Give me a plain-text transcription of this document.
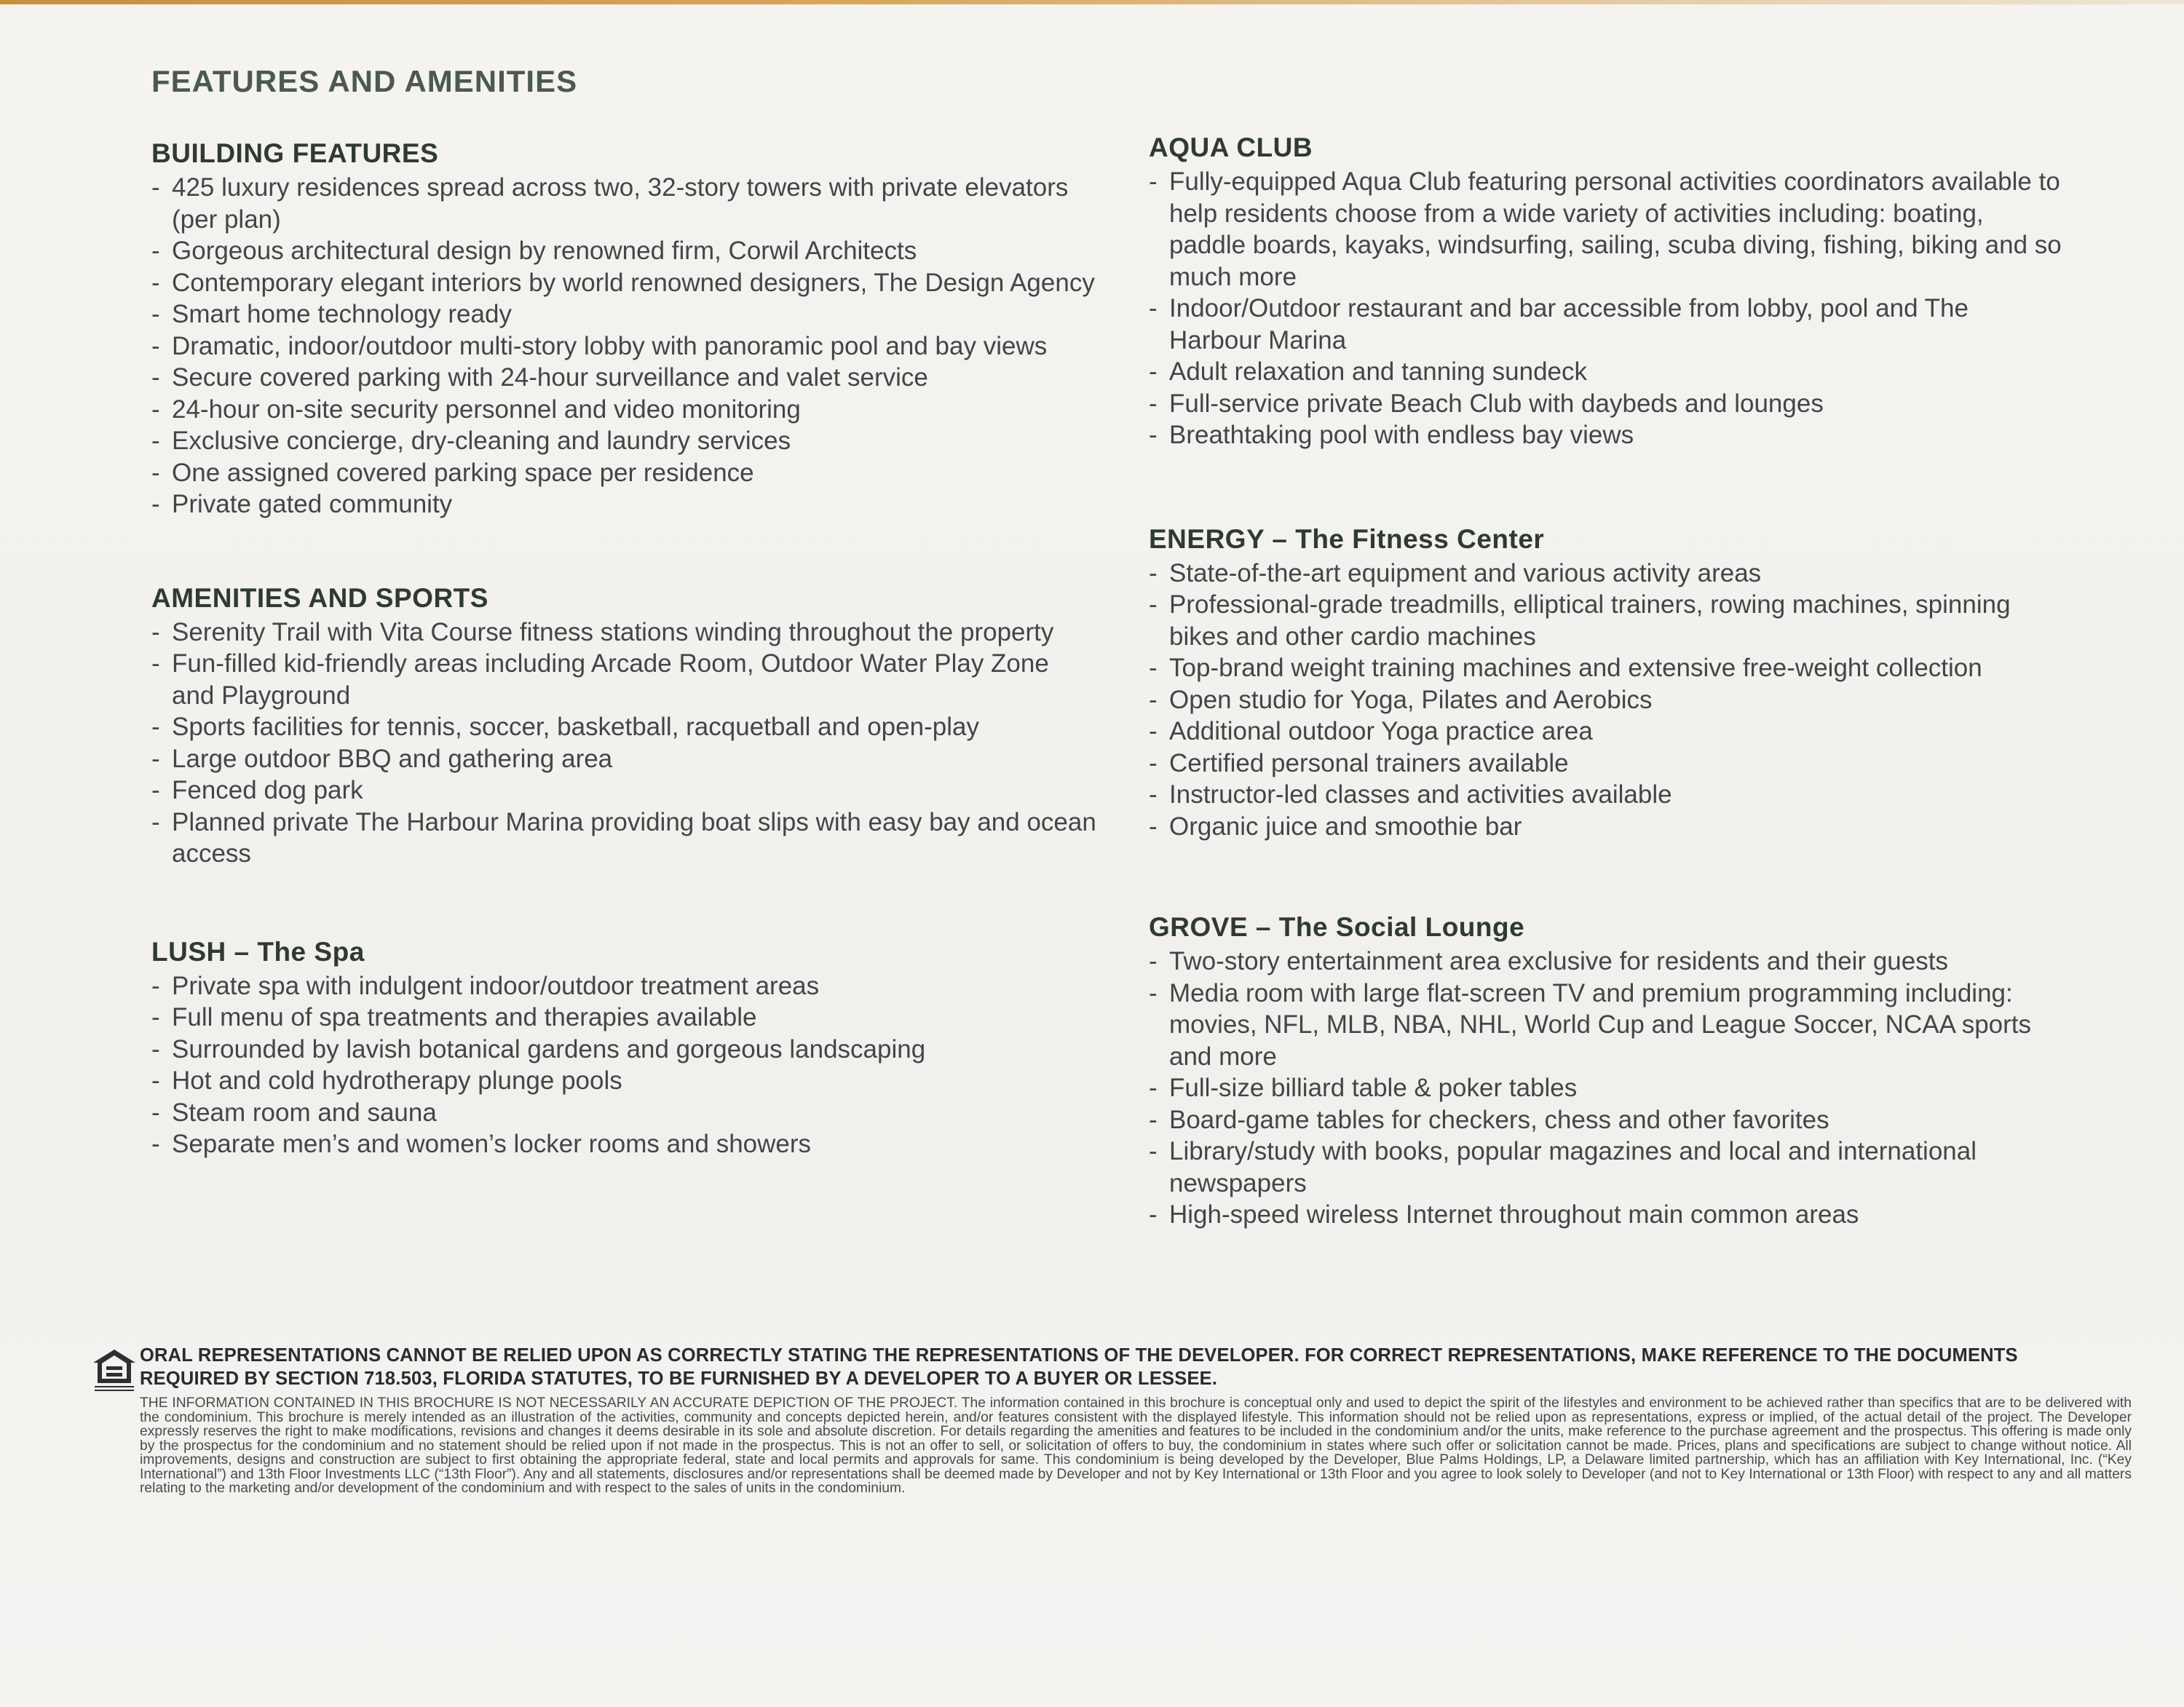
FEATURES AND AMENITIES
BUILDING FEATURES
- 425 luxury residences spread across two, 32-story towers with private elevators (per plan)
- Gorgeous architectural design by renowned firm, Corwil Architects
- Contemporary elegant interiors by world renowned designers, The Design Agency
- Smart home technology ready
- Dramatic, indoor/outdoor multi-story lobby with panoramic pool and bay views
- Secure covered parking with 24-hour surveillance and valet service
- 24-hour on-site security personnel and video monitoring
- Exclusive concierge, dry-cleaning and laundry services
- One assigned covered parking space per residence
- Private gated community
AMENITIES AND SPORTS
- Serenity Trail with Vita Course fitness stations winding throughout the property
- Fun-filled kid-friendly areas including Arcade Room, Outdoor Water Play Zone and Playground
- Sports facilities for tennis, soccer, basketball, racquetball and open-play
- Large outdoor BBQ and gathering area
- Fenced dog park
- Planned private The Harbour Marina providing boat slips with easy bay and ocean access
LUSH – The Spa
- Private spa with indulgent indoor/outdoor treatment areas
- Full menu of spa treatments and therapies available
- Surrounded by lavish botanical gardens and gorgeous landscaping
- Hot and cold hydrotherapy plunge pools
- Steam room and sauna
- Separate men’s and women’s locker rooms and showers
AQUA CLUB
- Fully-equipped Aqua Club featuring personal activities coordinators available to help residents choose from a wide variety of activities including: boating, paddle boards, kayaks, windsurfing, sailing, scuba diving, fishing, biking and so much more
- Indoor/Outdoor restaurant and bar accessible from lobby, pool and The Harbour Marina
- Adult relaxation and tanning sundeck
- Full-service private Beach Club with daybeds and lounges
- Breathtaking pool with endless bay views
ENERGY – The Fitness Center
- State-of-the-art equipment and various activity areas
- Professional-grade treadmills, elliptical trainers, rowing machines, spinning bikes and other cardio machines
- Top-brand weight training machines and extensive free-weight collection
- Open studio for Yoga, Pilates and Aerobics
- Additional outdoor Yoga practice area
- Certified personal trainers available
- Instructor-led classes and activities available
- Organic juice and smoothie bar
GROVE – The Social Lounge
- Two-story entertainment area exclusive for residents and their guests
- Media room with large flat-screen TV and premium programming including: movies, NFL, MLB, NBA, NHL, World Cup and League Soccer, NCAA sports and more
- Full-size billiard table & poker tables
- Board-game tables for checkers, chess and other favorites
- Library/study with books, popular magazines and local and international newspapers
- High-speed wireless Internet throughout main common areas
ORAL REPRESENTATIONS CANNOT BE RELIED UPON AS CORRECTLY STATING THE REPRESENTATIONS OF THE DEVELOPER. FOR CORRECT REPRESENTATIONS, MAKE REFERENCE TO THE DOCUMENTS REQUIRED BY SECTION 718.503, FLORIDA STATUTES, TO BE FURNISHED BY A DEVELOPER TO A BUYER OR LESSEE.
THE INFORMATION CONTAINED IN THIS BROCHURE IS NOT NECESSARILY AN ACCURATE DEPICTION OF THE PROJECT. The information contained in this brochure is conceptual only and used to depict the spirit of the lifestyles and environment to be achieved rather than specifics that are to be delivered with the condominium. This brochure is merely intended as an illustration of the activities, community and concepts depicted herein, and/or features consistent with the displayed lifestyle. This information should not be relied upon as representations, express or implied, of the actual detail of the project. The Developer expressly reserves the right to make modifications, revisions and changes it deems desirable in its sole and absolute discretion. For details regarding the amenities and features to be included in the condominium and/or the units, make reference to the purchase agreement and the prospectus. This offering is made only by the prospectus for the condominium and no statement should be relied upon if not made in the prospectus. This is not an offer to sell, or solicitation of offers to buy, the condominium in states where such offer or solicitation cannot be made. Prices, plans and specifications are subject to change without notice. All improvements, designs and construction are subject to first obtaining the appropriate federal, state and local permits and approvals for same. This condominium is being developed by the Developer, Blue Palms Holdings, LP, a Delaware limited partnership, which has an affiliation with Key International, Inc. (“Key International”) and 13th Floor Investments LLC (“13th Floor”). Any and all statements, disclosures and/or representations shall be deemed made by Developer and not by Key International or 13th Floor and you agree to look solely to Developer (and not to Key International or 13th Floor) with respect to any and all matters relating to the marketing and/or development of the condominium and with respect to the sales of units in the condominium.
